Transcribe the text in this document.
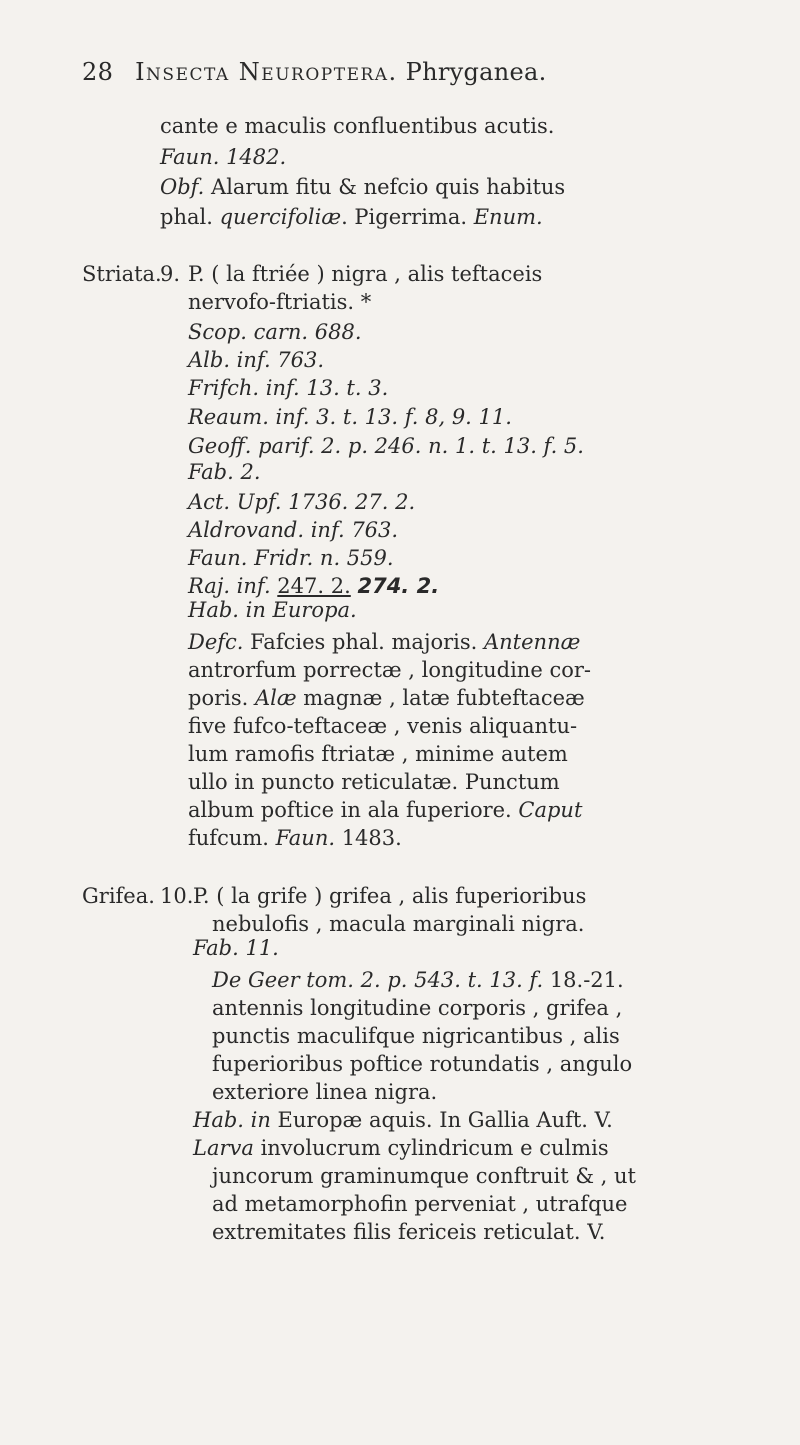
28 Insecta Neuroptera. Phryganea.
cante e maculis confluentibus acutis.
Faun. 1482.
Obf. Alarum fitu & nefcio quis habitus
phal. quercifoliæ. Pigerrima. Enum.
Striata.
9. P. ( la ftriée ) nigra , alis teftaceis
nervofo-ftriatis. *
Scop. carn. 688.
Alb. inf. 763.
Frifch. inf. 13. t. 3.
Reaum. inf. 3. t. 13. f. 8, 9. 11.
Geoff. parif. 2. p. 246. n. 1. t. 13. f. 5.
Fab. 2.
Act. Upf. 1736. 27. 2.
Aldrovand. inf. 763.
Faun. Fridr. n. 559.
Raj. inf. 247. 2. 274. 2.
Hab. in Europa.
Defc. Fafcies phal. majoris. Antennæ
antrorfum porrectæ , longitudine cor-
poris. Alæ magnæ , latæ fubteftaceæ
five fufco-teftaceæ , venis aliquantu-
lum ramofis ftriatæ , minime autem
ullo in puncto reticulatæ. Punctum
album poftice in ala fuperiore. Caput
fufcum. Faun. 1483.
Grifea. 10. P. ( la grife ) grifea , alis fuperioribus
nebulofis , macula marginali nigra.
Fab. 11.
De Geer tom. 2. p. 543. t. 13. f. 18.-21.
antennis longitudine corporis , grifea ,
punctis maculifque nigricantibus , alis
fuperioribus poftice rotundatis , angulo
exteriore linea nigra.
Hab. in Europæ aquis. In Gallia Auft. V.
Larva involucrum cylindricum e culmis
juncorum graminumque conftruit & , ut
ad metamorphofin perveniat , utrafque
extremitates filis fericeis reticulat. V.
